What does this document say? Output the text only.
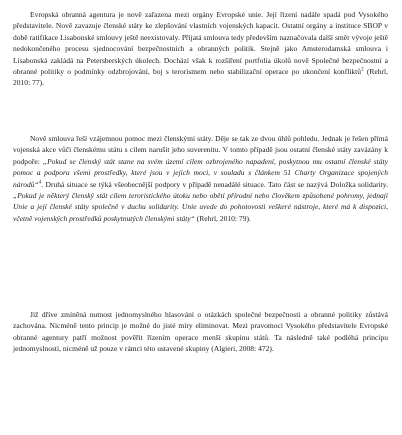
Evropská obranná agentura je nově zařazena mezi orgány Evropské unie. Její řízení nadále spadá pod Vysokého představitele. Nově zavazuje členské státy ke zlepšování vlastních vojenských kapacit. Ostatní orgány a instituce SBOP v době ratifikace Lisabonské smlouvy ještě neexistovaly. Přijatá smlouva tedy především naznačovala další směr vývoje ještě nedokončeného procesu sjednocování bezpečnostních a obranných politik. Stejně jako Amsterodamská smlouva i Lisabonská zakládá na Petersberských úkolech. Dochází však k rozšíření portfolia úkolů nově Společné bezpečnostní a obranné politiky o podmínky odzbrojování, boj s terorismem nebo stabilizační operace po ukončení konfliktů$^2$ (Rehrl, 2010: 77).

Nově smlouva řeší vzájemnou pomoc mezi členskými státy. Děje se tak ze dvou úhlů pohledu. Jednak je řešen přímá vojenská akce vůči členskému státu s cílem narušit jeho suverenitu. V tomto případě jsou ostatní členské státy zavázány k podpoře: „Pokud se členský stát stane na svém území cílem ozbrojeného napadení, poskytnou mu ostatní členské státy pomoc a podporu všemi prostředky, které jsou v jejich moci, v souladu s článkem 51 Charty Organizace spojených národů“$^4$. Druhá situace se týká všeobecnější podpory v případě nenadálé situace. Tato část se nazývá Doložka solidarity. „Pokud je některý členský stát cílem teroristického útoku nebo obětí přírodní nebo člověkem způsobené pohromy, jednají Unie a její členské státy společně v duchu solidarity. Unie uvede do pohotovosti veškeré nástroje, které má k dispozici, včetně vojenských prostředků poskytnutých členskými státy“ (Rehrl, 2010: 79).

Již dříve zmíněná nutnost jednomyslného hlasování o otázkách společné bezpečnosti a obranné politiky zůstává zachována. Nicméně tento princip je možné do jisté míry eliminovat. Mezi pravomoci Vysokého představitele Evropské obranné agentury patří možnost pověřit řízením operace menší skupinu států. Ta následně také podléhá principu jednomyslnosti, nicméně už pouze v rámci této ustavené skupiny (Algieri, 2008: 472).
